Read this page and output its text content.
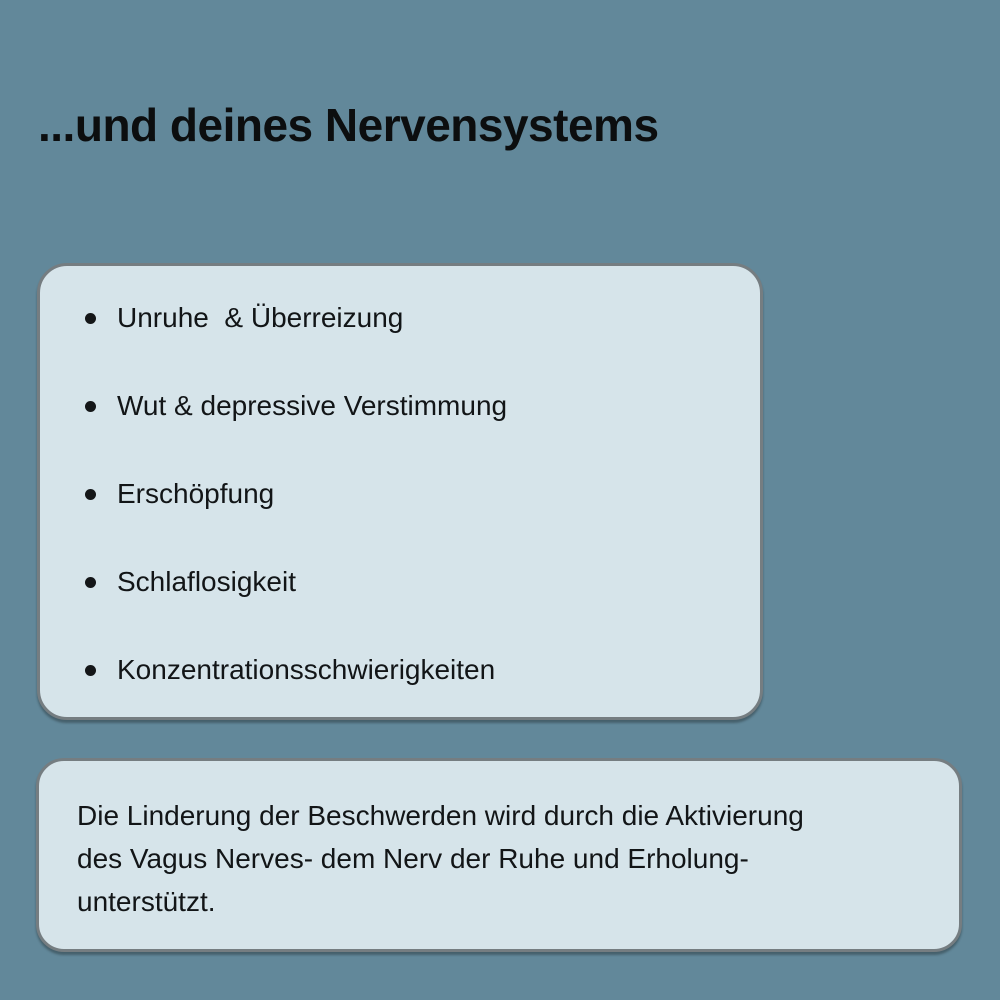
...und deines Nervensystems
Unruhe  & Überreizung
Wut & depressive Verstimmung
Erschöpfung
Schlaflosigkeit
Konzentrationsschwierigkeiten
Die Linderung der Beschwerden wird durch die Aktivierung
des Vagus Nerves- dem Nerv der Ruhe und Erholung-
unterstützt.
